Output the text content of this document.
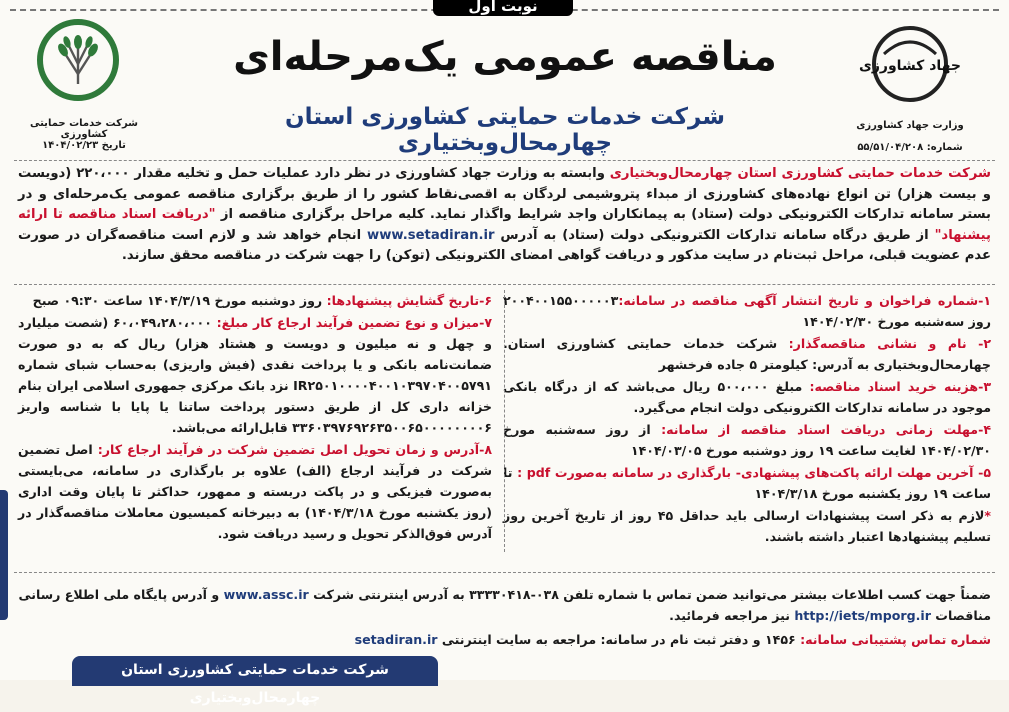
نوبت اول
شرکت خدمات حمایتی کشاورزی
تاریخ ۱۴۰۴/۰۲/۲۳
جهاد کشاورزی
وزارت جهاد کشاورزی
شماره: ۵۵/۵۱/۰۴/۲۰۸
مناقصه عمومی یک‌مرحله‌ای
شرکت خدمات حمایتی کشاورزی استان چهارمحال‌وبختیاری
شرکت خدمات حمایتی کشاورزی استان چهارمحال‌وبختیاری وابسته به وزارت جهاد کشاورزی در نظر دارد عملیات حمل و تخلیه مقدار ۲۲۰،۰۰۰ (دویست و بیست هزار) تن انواع نهاده‌های کشاورزی از مبداء پتروشیمی لردگان به اقصی‌نقاط کشور را از طریق برگزاری مناقصه عمومی یک‌مرحله‌ای و در بستر سامانه تدارکات الکترونیکی دولت (ستاد) به پیمانکاران واجد شرایط واگذار نماید. کلیه مراحل برگزاری مناقصه از "دریافت اسناد مناقصه تا ارائه پیشنهاد" از طریق درگاه سامانه تدارکات الکترونیکی دولت (ستاد) به آدرس www.setadiran.ir انجام خواهد شد و لازم است مناقصه‌گران در صورت عدم عضویت قبلی، مراحل ثبت‌نام در سایت مذکور و دریافت گواهی امضای الکترونیکی (توکن) را جهت شرکت در مناقصه محقق سازند.
۱-شماره فراخوان و تاریخ انتشار آگهی مناقصه در سامانه:۲۰۰۴۰۰۱۵۵۰۰۰۰۰۳ روز سه‌شنبه مورخ ۱۴۰۴/۰۲/۳۰
۲- نام و نشانی مناقصه‌گذار: شرکت خدمات حمایتی کشاورزی استان. چهارمحال‌وبختیاری به آدرس: کیلومتر ۵ جاده فرخشهر
۳-هزینه خرید اسناد مناقصه: مبلغ ۵۰۰،۰۰۰ ریال می‌باشد که از درگاه بانکی موجود در سامانه تدارکات الکترونیکی دولت انجام می‌گیرد.
۴-مهلت زمانی دریافت اسناد مناقصه از سامانه: از روز سه‌شنبه مورخ ۱۴۰۴/۰۲/۳۰ لغایت ساعت ۱۹ روز دوشنبه مورخ ۱۴۰۴/۰۳/۰۵
۵- آخرین مهلت ارائه پاکت‌های پیشنهادی- بارگذاری در سامانه به‌صورت pdf : تا ساعت ۱۹ روز یکشنبه مورخ ۱۴۰۴/۳/۱۸
*لازم به ذکر است پیشنهادات ارسالی باید حداقل ۴۵ روز از تاریخ آخرین روز تسلیم پیشنهادها اعتبار داشته باشند.
۶-تاریخ گشایش پیشنهادها: روز دوشنبه مورخ ۱۴۰۴/۳/۱۹ ساعت ۰۹:۳۰ صبح
۷-میزان و نوع تضمین فرآیند ارجاع کار مبلغ: ۶۰،۰۴۹،۲۸۰،۰۰۰ (شصت میلیارد و چهل و نه میلیون و دویست و هشتاد هزار) ریال که به دو صورت ضمانت‌نامه بانکی و یا پرداخت نقدی (فیش واریزی) به‌حساب شبای شماره IR۲۵۰۱۰۰۰۰۴۰۰۱۰۳۹۷۰۴۰۰۵۷۹۱ نزد بانک مرکزی جمهوری اسلامی ایران بنام خزانه داری کل از طریق دستور پرداخت ساتنا یا پایا با شناسه واریز ۳۳۶۰۳۹۷۶۹۲۶۳۵۰۰۶۵۰۰۰۰۰۰۰۰۶ قابل‌ارائه می‌باشد.
۸-آدرس و زمان تحویل اصل تضمین شرکت در فرآیند ارجاع کار: اصل تضمین شرکت در فرآیند ارجاع (الف) علاوه بر بارگذاری در سامانه، می‌بایستی به‌صورت فیزیکی و در پاکت دربسته و ممهور، حداکثر تا پایان وقت اداری (روز یکشنبه مورخ ۱۴۰۴/۳/۱۸) به دبیرخانه کمیسیون معاملات مناقصه‌گذار در آدرس فوق‌الذکر تحویل و رسید دریافت شود.
ضمناً جهت کسب اطلاعات بیشتر می‌توانید ضمن تماس با شماره تلفن ۰۳۸-۳۳۳۳۰۴۱۸ به آدرس اینترنتی شرکت www.assc.ir و آدرس پایگاه ملی اطلاع رسانی مناقصات http://iets/mporg.ir نیز مراجعه فرمائید.
شماره تماس پشتیبانی سامانه: ۱۴۵۶ و دفتر ثبت نام در سامانه: مراجعه به سایت اینترنتی setadiran.ir
شرکت خدمات حمایتی کشاورزی استان چهارمحال‌وبختیاری
